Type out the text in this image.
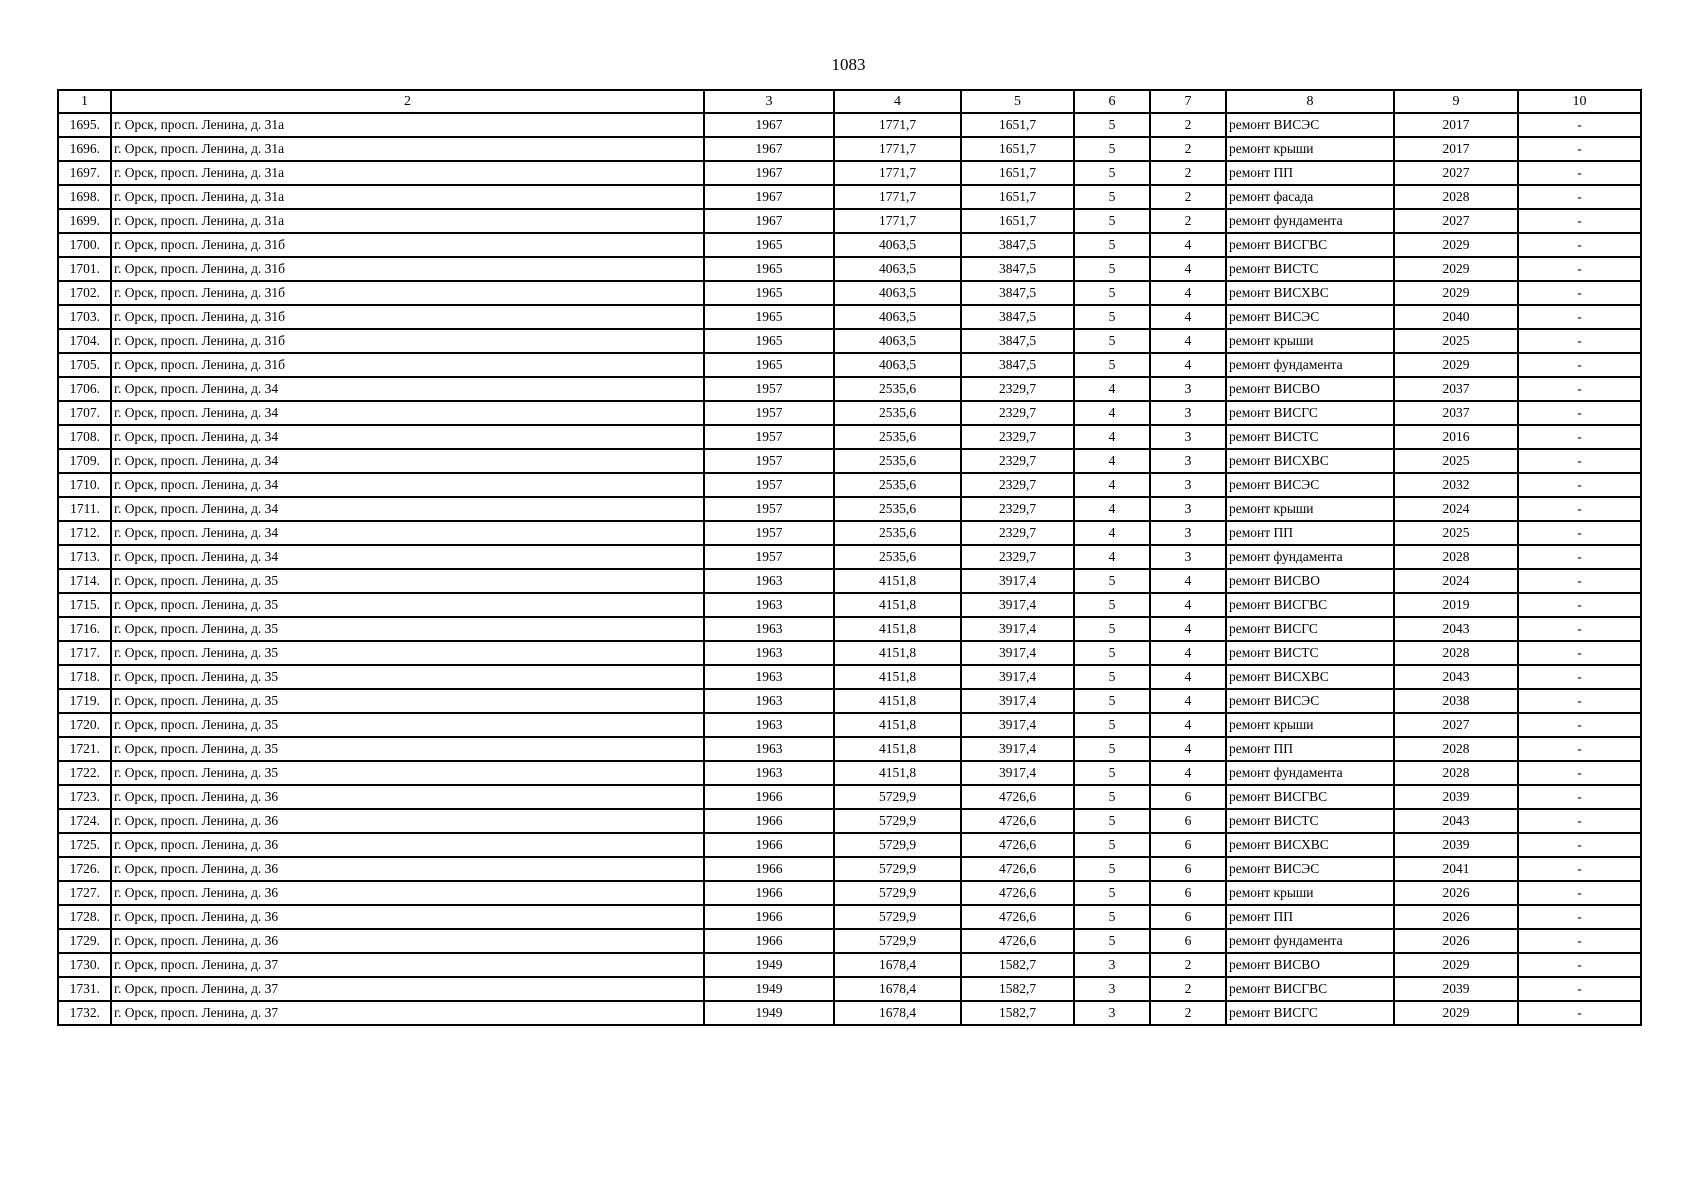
1083
1	2	3	4	5	6	7	8	9	10
1695.	г. Орск, просп. Ленина, д. 31а	1967	1771,7	1651,7	5	2	ремонт ВИСЭС	2017	-
1696.	г. Орск, просп. Ленина, д. 31а	1967	1771,7	1651,7	5	2	ремонт крыши	2017	-
1697.	г. Орск, просп. Ленина, д. 31а	1967	1771,7	1651,7	5	2	ремонт ПП	2027	-
1698.	г. Орск, просп. Ленина, д. 31а	1967	1771,7	1651,7	5	2	ремонт фасада	2028	-
1699.	г. Орск, просп. Ленина, д. 31а	1967	1771,7	1651,7	5	2	ремонт фундамента	2027	-
1700.	г. Орск, просп. Ленина, д. 31б	1965	4063,5	3847,5	5	4	ремонт ВИСГВС	2029	-
1701.	г. Орск, просп. Ленина, д. 31б	1965	4063,5	3847,5	5	4	ремонт ВИСТС	2029	-
1702.	г. Орск, просп. Ленина, д. 31б	1965	4063,5	3847,5	5	4	ремонт ВИСХВС	2029	-
1703.	г. Орск, просп. Ленина, д. 31б	1965	4063,5	3847,5	5	4	ремонт ВИСЭС	2040	-
1704.	г. Орск, просп. Ленина, д. 31б	1965	4063,5	3847,5	5	4	ремонт крыши	2025	-
1705.	г. Орск, просп. Ленина, д. 31б	1965	4063,5	3847,5	5	4	ремонт фундамента	2029	-
1706.	г. Орск, просп. Ленина, д. 34	1957	2535,6	2329,7	4	3	ремонт ВИСВО	2037	-
1707.	г. Орск, просп. Ленина, д. 34	1957	2535,6	2329,7	4	3	ремонт ВИСГС	2037	-
1708.	г. Орск, просп. Ленина, д. 34	1957	2535,6	2329,7	4	3	ремонт ВИСТС	2016	-
1709.	г. Орск, просп. Ленина, д. 34	1957	2535,6	2329,7	4	3	ремонт ВИСХВС	2025	-
1710.	г. Орск, просп. Ленина, д. 34	1957	2535,6	2329,7	4	3	ремонт ВИСЭС	2032	-
1711.	г. Орск, просп. Ленина, д. 34	1957	2535,6	2329,7	4	3	ремонт крыши	2024	-
1712.	г. Орск, просп. Ленина, д. 34	1957	2535,6	2329,7	4	3	ремонт ПП	2025	-
1713.	г. Орск, просп. Ленина, д. 34	1957	2535,6	2329,7	4	3	ремонт фундамента	2028	-
1714.	г. Орск, просп. Ленина, д. 35	1963	4151,8	3917,4	5	4	ремонт ВИСВО	2024	-
1715.	г. Орск, просп. Ленина, д. 35	1963	4151,8	3917,4	5	4	ремонт ВИСГВС	2019	-
1716.	г. Орск, просп. Ленина, д. 35	1963	4151,8	3917,4	5	4	ремонт ВИСГС	2043	-
1717.	г. Орск, просп. Ленина, д. 35	1963	4151,8	3917,4	5	4	ремонт ВИСТС	2028	-
1718.	г. Орск, просп. Ленина, д. 35	1963	4151,8	3917,4	5	4	ремонт ВИСХВС	2043	-
1719.	г. Орск, просп. Ленина, д. 35	1963	4151,8	3917,4	5	4	ремонт ВИСЭС	2038	-
1720.	г. Орск, просп. Ленина, д. 35	1963	4151,8	3917,4	5	4	ремонт крыши	2027	-
1721.	г. Орск, просп. Ленина, д. 35	1963	4151,8	3917,4	5	4	ремонт ПП	2028	-
1722.	г. Орск, просп. Ленина, д. 35	1963	4151,8	3917,4	5	4	ремонт фундамента	2028	-
1723.	г. Орск, просп. Ленина, д. 36	1966	5729,9	4726,6	5	6	ремонт ВИСГВС	2039	-
1724.	г. Орск, просп. Ленина, д. 36	1966	5729,9	4726,6	5	6	ремонт ВИСТС	2043	-
1725.	г. Орск, просп. Ленина, д. 36	1966	5729,9	4726,6	5	6	ремонт ВИСХВС	2039	-
1726.	г. Орск, просп. Ленина, д. 36	1966	5729,9	4726,6	5	6	ремонт ВИСЭС	2041	-
1727.	г. Орск, просп. Ленина, д. 36	1966	5729,9	4726,6	5	6	ремонт крыши	2026	-
1728.	г. Орск, просп. Ленина, д. 36	1966	5729,9	4726,6	5	6	ремонт ПП	2026	-
1729.	г. Орск, просп. Ленина, д. 36	1966	5729,9	4726,6	5	6	ремонт фундамента	2026	-
1730.	г. Орск, просп. Ленина, д. 37	1949	1678,4	1582,7	3	2	ремонт ВИСВО	2029	-
1731.	г. Орск, просп. Ленина, д. 37	1949	1678,4	1582,7	3	2	ремонт ВИСГВС	2039	-
1732.	г. Орск, просп. Ленина, д. 37	1949	1678,4	1582,7	3	2	ремонт ВИСГС	2029	-
